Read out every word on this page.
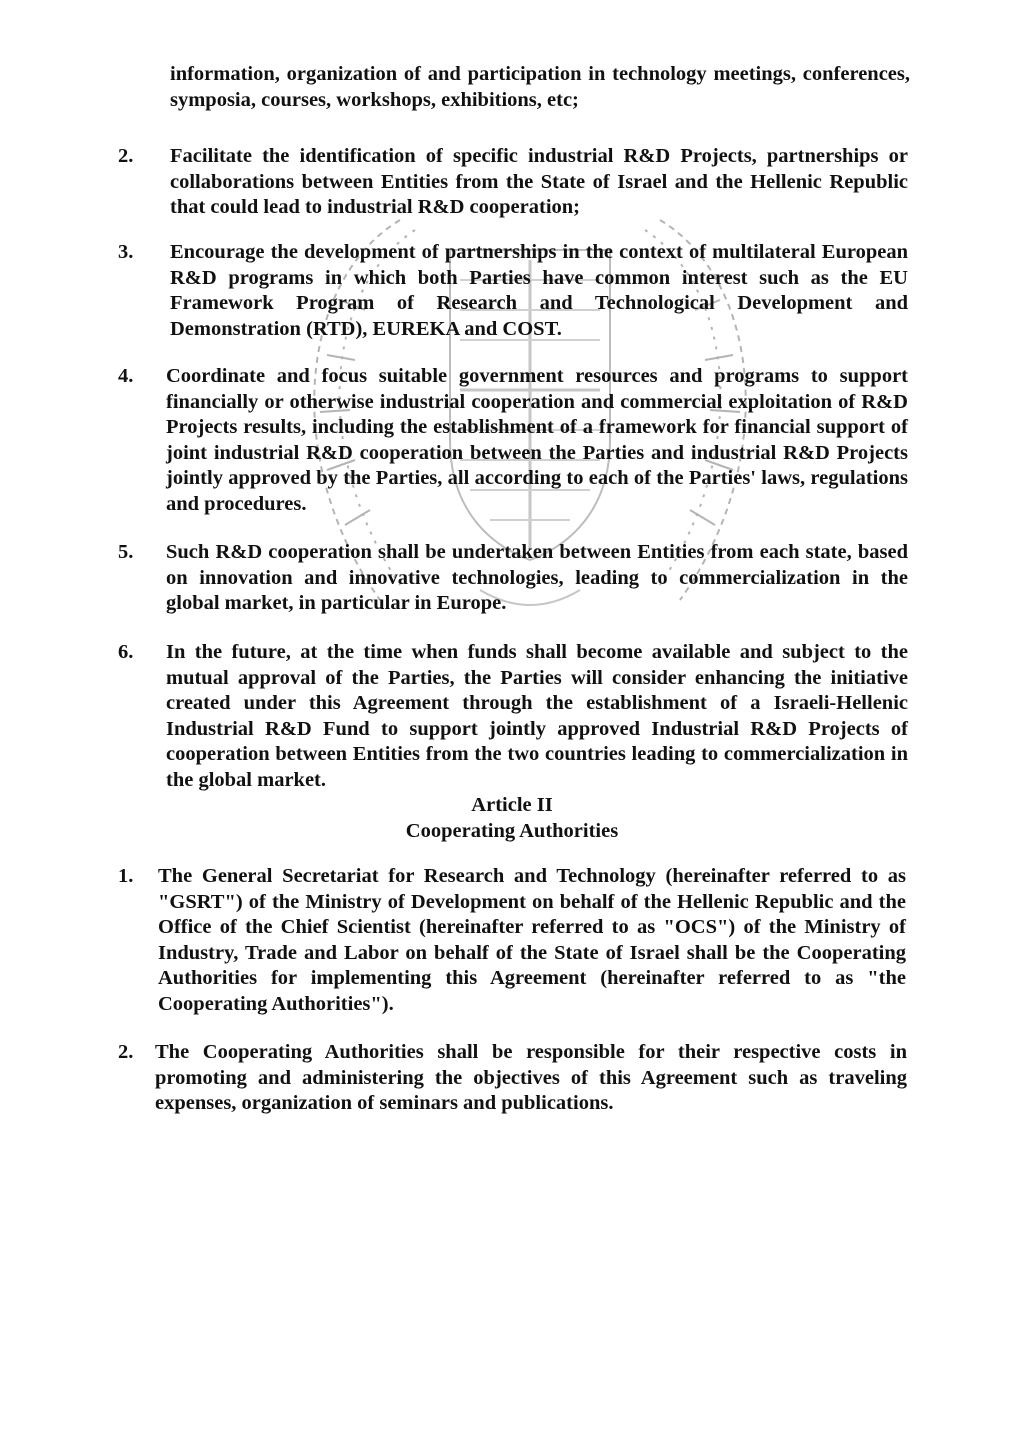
information, organization of and participation in technology meetings, conferences, symposia, courses, workshops, exhibitions, etc;
2. Facilitate the identification of specific industrial R&D Projects, partnerships or collaborations between Entities from the State of Israel and the Hellenic Republic that could lead to industrial R&D cooperation;
3. Encourage the development of partnerships in the context of multilateral European R&D programs in which both Parties have common interest such as the EU Framework Program of Research and Technological Development and Demonstration (RTD), EUREKA and COST.
4. Coordinate and focus suitable government resources and programs to support financially or otherwise industrial cooperation and commercial exploitation of R&D Projects results, including the establishment of a framework for financial support of joint industrial R&D cooperation between the Parties and industrial R&D Projects jointly approved by the Parties, all according to each of the Parties' laws, regulations and procedures.
5. Such R&D cooperation shall be undertaken between Entities from each state, based on innovation and innovative technologies, leading to commercialization in the global market, in particular in Europe.
6. In the future, at the time when funds shall become available and subject to the mutual approval of the Parties, the Parties will consider enhancing the initiative created under this Agreement through the establishment of a Israeli-Hellenic Industrial R&D Fund to support jointly approved Industrial R&D Projects of cooperation between Entities from the two countries leading to commercialization in the global market.
Article II
Cooperating Authorities
1. The General Secretariat for Research and Technology (hereinafter referred to as "GSRT") of the Ministry of Development on behalf of the Hellenic Republic and the Office of the Chief Scientist (hereinafter referred to as "OCS") of the Ministry of Industry, Trade and Labor on behalf of the State of Israel shall be the Cooperating Authorities for implementing this Agreement (hereinafter referred to as "the Cooperating Authorities").
2. The Cooperating Authorities shall be responsible for their respective costs in promoting and administering the objectives of this Agreement such as traveling expenses, organization of seminars and publications.
